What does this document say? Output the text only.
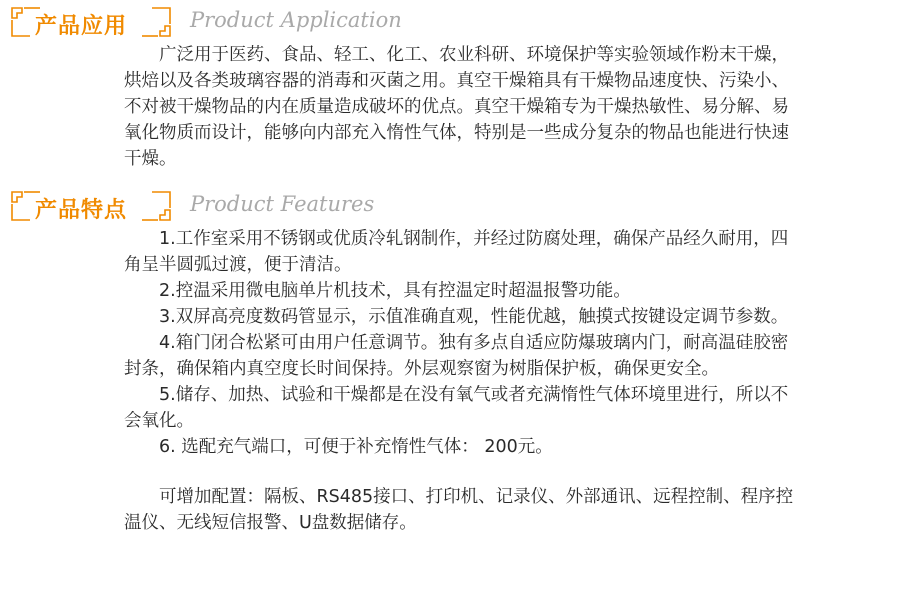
产品应用	Product Application

广泛用于医药、食品、轻工、化工、农业科研、环境保护等实验领域作粉末干燥，烘焙以及各类玻璃容器的消毒和灭菌之用。真空干燥箱具有干燥物品速度快、污染小、不对被干燥物品的内在质量造成破坏的优点。真空干燥箱专为干燥热敏性、易分解、易氧化物质而设计，能够向内部充入惰性气体，特别是一些成分复杂的物品也能进行快速干燥。

产品特点	Product Features

1.工作室采用不锈钢或优质冷轧钢制作，并经过防腐处理，确保产品经久耐用，四角呈半圆弧过渡，便于清洁。

2.控温采用微电脑单片机技术，具有控温定时超温报警功能。

3.双屏高亮度数码管显示，示值准确直观，性能优越，触摸式按键设定调节参数。

4.箱门闭合松紧可由用户任意调节。独有多点自适应防爆玻璃内门，耐高温硅胶密封条，确保箱内真空度长时间保持。外层观察窗为树脂保护板，确保更安全。

5.储存、加热、试验和干燥都是在没有氧气或者充满惰性气体环境里进行，所以不会氧化。

6. 选配充气端口，可便于补充惰性气体： 200元。

可增加配置：隔板、RS485接口、打印机、记录仪、外部通讯、远程控制、程序控温仪、无线短信报警、U盘数据储存。
